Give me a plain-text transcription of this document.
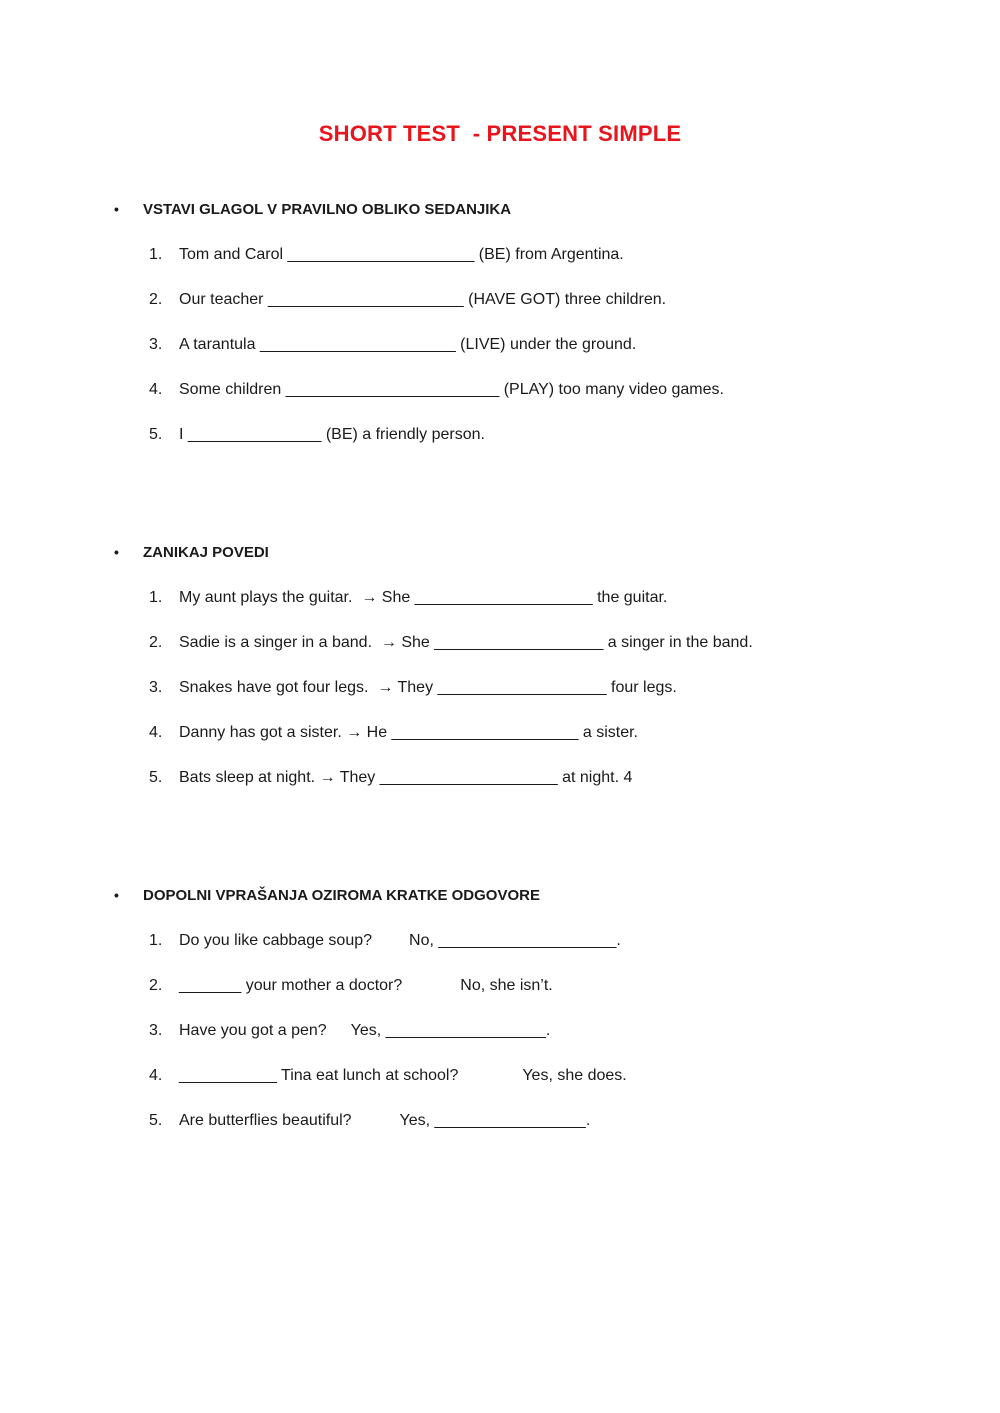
SHORT TEST  - PRESENT SIMPLE
• VSTAVI GLAGOL V PRAVILNO OBLIKO SEDANJIKA
1. Tom and Carol _____________________ (BE) from Argentina.
2. Our teacher ______________________ (HAVE GOT) three children.
3. A tarantula ______________________ (LIVE) under the ground.
4. Some children ________________________ (PLAY) too many video games.
5. I _______________ (BE) a friendly person.
• ZANIKAJ POVEDI
1. My aunt plays the guitar.  → She ____________________ the guitar.
2. Sadie is a singer in a band.  → She ___________________ a singer in the band.
3. Snakes have got four legs.  → They ___________________ four legs.
4. Danny has got a sister. → He _____________________ a sister.
5. Bats sleep at night. → They ____________________ at night. 4
• DOPOLNI VPRAŠANJA OZIROMA KRATKE ODGOVORE
1. Do you like cabbage soup? No, ____________________.
2. _______ your mother a doctor?	No, she isn’t.
3. Have you got a pen? Yes, __________________.
4. ___________ Tina eat lunch at school?	Yes, she does.
5. Are butterflies beautiful?	Yes, _________________.
